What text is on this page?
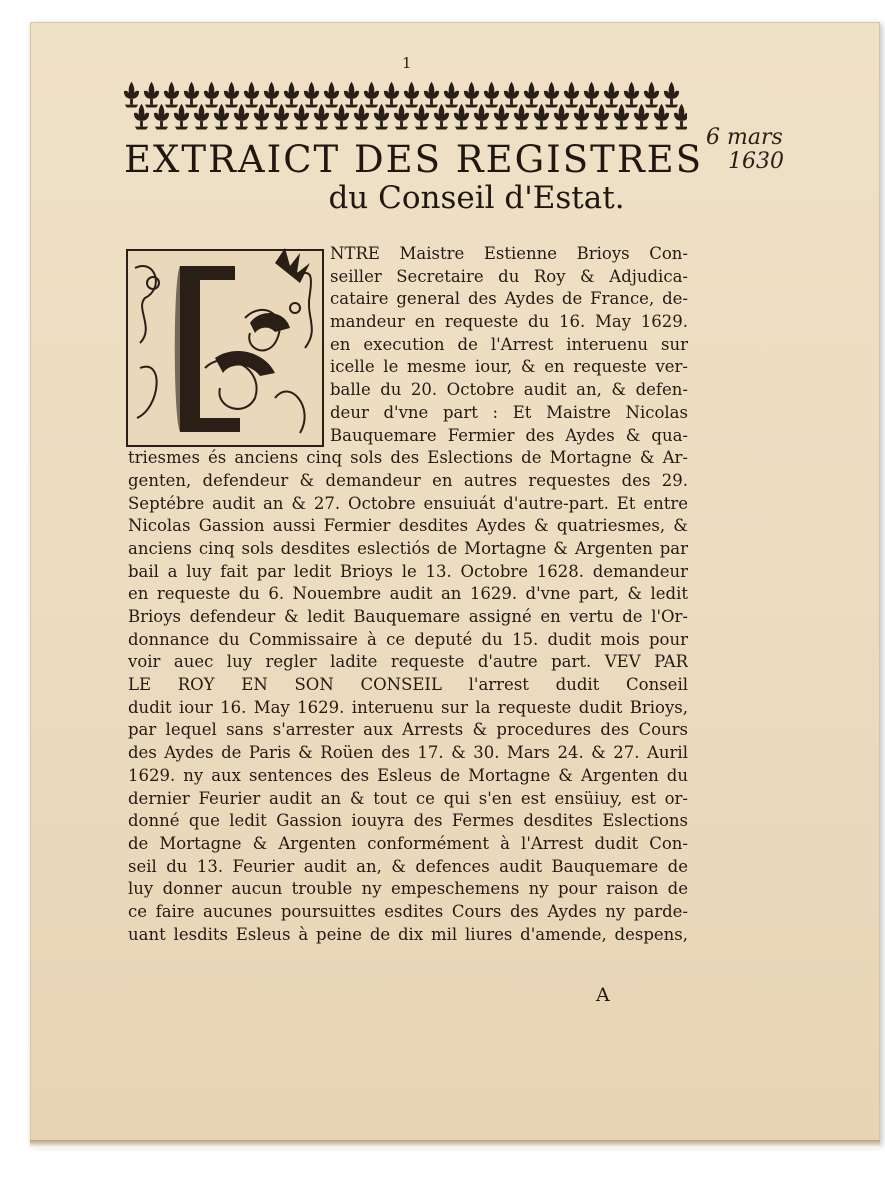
1
EXTRAICT DES REGISTRES
du Conseil d'Estat.
6 mars
1630
NTRE Maistre Estienne Brioys Con-
seiller Secretaire du Roy & Adjudica-
cataire general des Aydes de France, de-
mandeur en requeste du 16. May 1629.
en execution de l'Arrest interuenu sur
icelle le mesme iour, & en requeste ver-
balle du 20. Octobre audit an, & defen-
deur d'vne part : Et Maistre Nicolas
Bauquemare Fermier des Aydes & qua-
triesmes és anciens cinq sols des Eslections de Mortagne & Ar-
genten, defendeur & demandeur en autres requestes des 29.
Septébre audit an & 27. Octobre ensuiuát d'autre-part. Et entre
Nicolas Gassion aussi Fermier desdites Aydes & quatriesmes, &
anciens cinq sols desdites eslectiós de Mortagne & Argenten par
bail a luy fait par ledit Brioys le 13. Octobre 1628. demandeur
en requeste du 6. Nouembre audit an 1629. d'vne part, & ledit
Brioys defendeur & ledit Bauquemare assigné en vertu de l'Or-
donnance du Commissaire à ce deputé du 15. dudit mois pour
voir auec luy regler ladite requeste d'autre part. VEV PAR
LE ROY EN SON CONSEIL l'arrest dudit Conseil
dudit iour 16. May 1629. interuenu sur la requeste dudit Brioys,
par lequel sans s'arrester aux Arrests & procedures des Cours
des Aydes de Paris & Roüen des 17. & 30. Mars 24. & 27. Auril
1629. ny aux sentences des Esleus de Mortagne & Argenten du
dernier Feurier audit an & tout ce qui s'en est ensüiuy, est or-
donné que ledit Gassion iouyra des Fermes desdites Eslections
de Mortagne & Argenten conformément à l'Arrest dudit Con-
seil du 13. Feurier audit an, & defences audit Bauquemare de
luy donner aucun trouble ny empeschemens ny pour raison de
ce faire aucunes poursuittes esdites Cours des Aydes ny parde-
uant lesdits Esleus à peine de dix mil liures d'amende, despens,
A
